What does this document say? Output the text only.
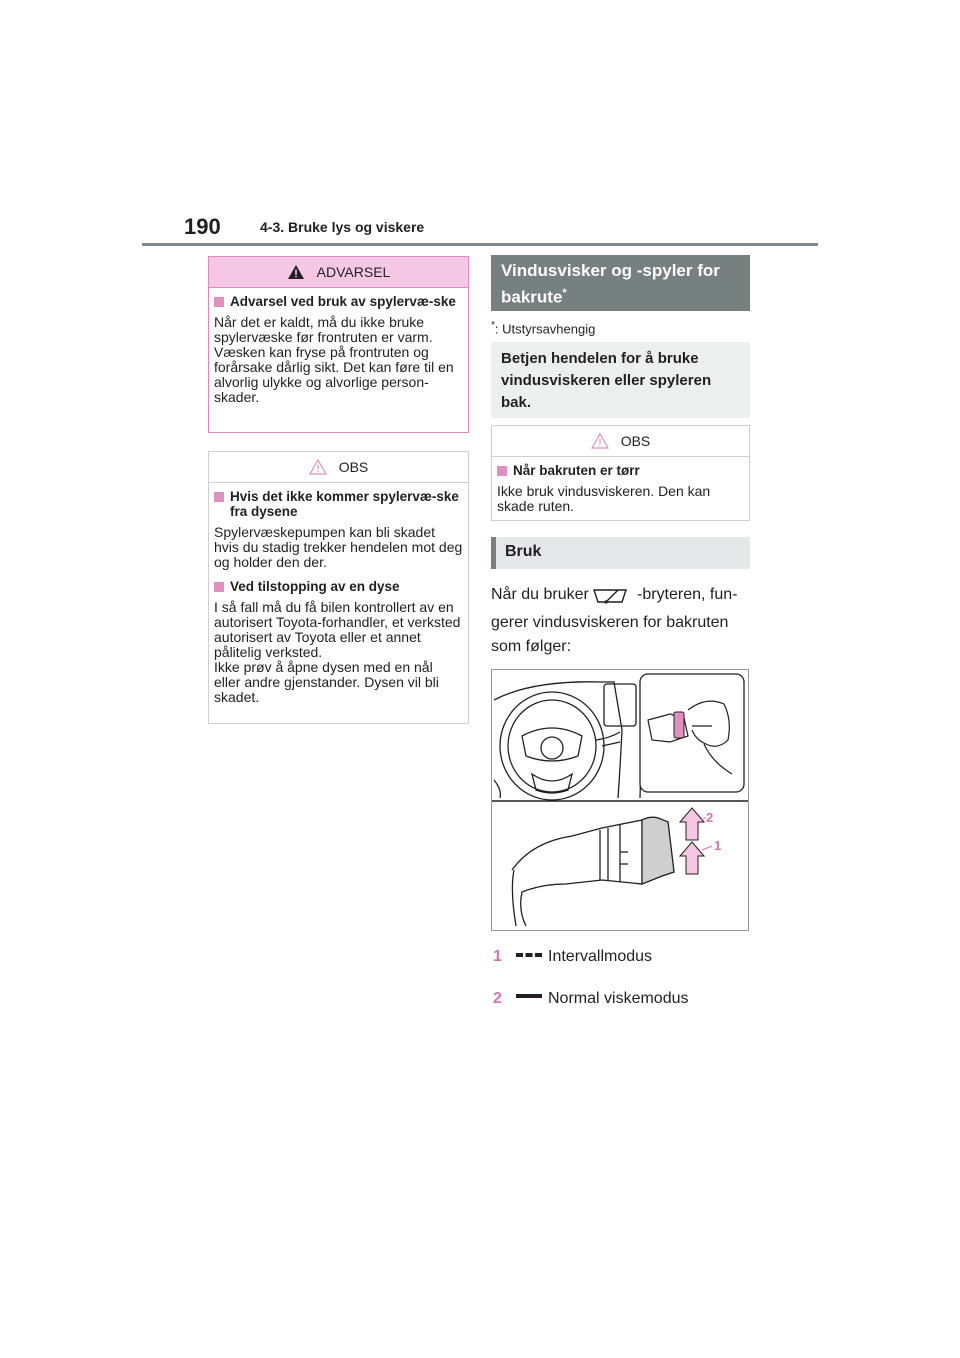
190	4-3. Bruke lys og viskere
ADVARSEL
Advarsel ved bruk av spylervæ-ske
Når det er kaldt, må du ikke bruke spylervæske før frontruten er varm. Væsken kan fryse på frontruten og forårsake dårlig sikt. Det kan føre til en alvorlig ulykke og alvorlige person-skader.
OBS
Hvis det ikke kommer spylervæ-ske fra dysene
Spylervæskepumpen kan bli skadet hvis du stadig trekker hendelen mot deg og holder den der.
Ved tilstopping av en dyse
I så fall må du få bilen kontrollert av en autorisert Toyota-forhandler, et verksted autorisert av Toyota eller et annet pålitelig verksted.
Ikke prøv å åpne dysen med en nål eller andre gjenstander. Dysen vil bli skadet.
Vindusvisker og -spyler for bakrute*
*: Utstyrsavhengig
Betjen hendelen for å bruke vindusviskeren eller spyleren bak.
OBS
Når bakruten er tørr
Ikke bruk vindusviskeren. Den kan skade ruten.
Bruk
Når du bruker	-bryteren, fun-
gerer vindusviskeren for bakruten
som følger:
2
1
1	Intervallmodus
2	Normal viskemodus
